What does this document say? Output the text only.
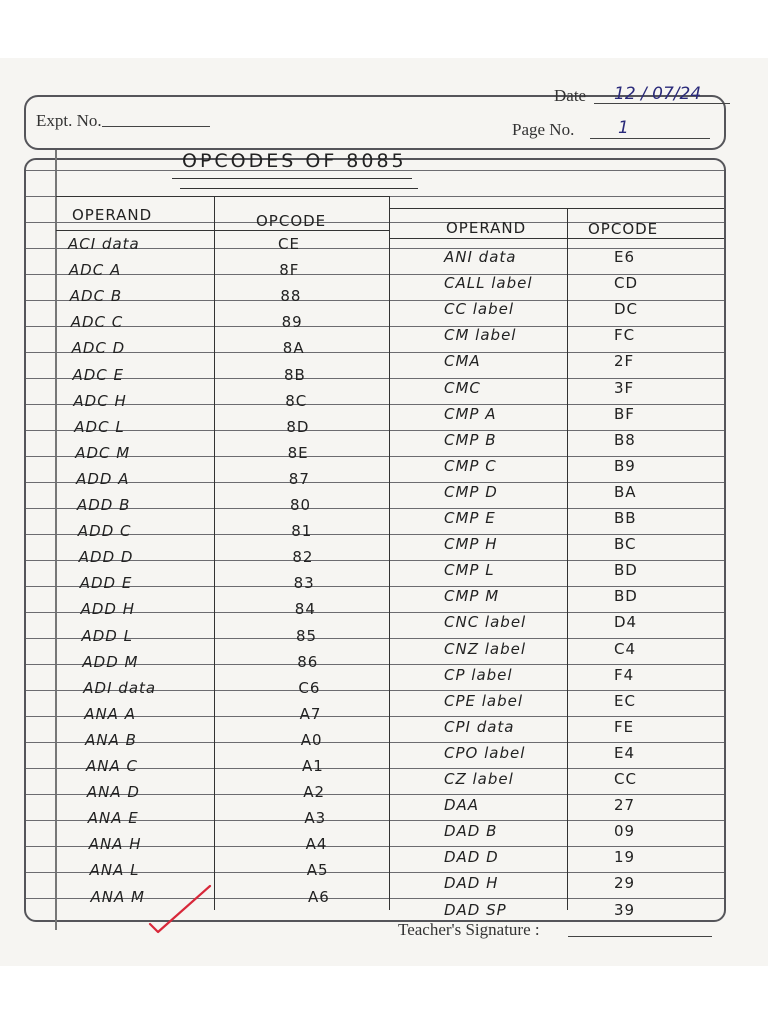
Expt. No.
Date 12 / 07/24
Page No.	1
OPCODES OF 8085
OPERAND	OPCODE	OPERAND	OPCODE
ACI data	CE
ADC A	8F
ADC B	88
ADC C	89
ADC D	8A
ADC E	8B
ADC H	8C
ADC L	8D
ADC M	8E
ADD A	87
ADD B	80
ADD C	81
ADD D	82
ADD E	83
ADD H	84
ADD L	85
ADD M	86
ADI data	C6
ANA A	A7
ANA B	A0
ANA C	A1
ANA D	A2
ANA E	A3
ANA H	A4
ANA L	A5
ANA M	A6
ANI data	E6
CALL label	CD
CC label	DC
CM label	FC
CMA	2F
CMC	3F
CMP A	BF
CMP B	B8
CMP C	B9
CMP D	BA
CMP E	BB
CMP H	BC
CMP L	BD
CMP M	BD
CNC label	D4
CNZ label	C4
CP label	F4
CPE label	EC
CPI data	FE
CPO label	E4
CZ label	CC
DAA	27
DAD B	09
DAD D	19
DAD H	29
DAD SP	39
Teacher's Signature :
